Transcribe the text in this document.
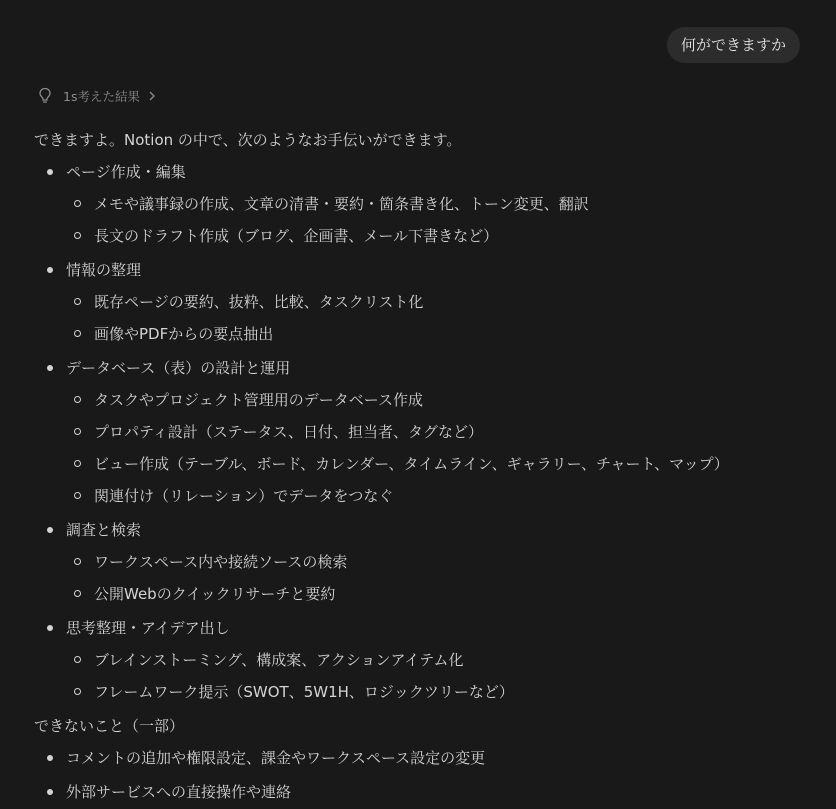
何ができますか
1s考えた結果
できますよ。Notion の中で、次のようなお手伝いができます。
ページ作成・編集
メモや議事録の作成、文章の清書・要約・箇条書き化、トーン変更、翻訳
長文のドラフト作成（ブログ、企画書、メール下書きなど）
情報の整理
既存ページの要約、抜粋、比較、タスクリスト化
画像やPDFからの要点抽出
データベース（表）の設計と運用
タスクやプロジェクト管理用のデータベース作成
プロパティ設計（ステータス、日付、担当者、タグなど）
ビュー作成（テーブル、ボード、カレンダー、タイムライン、ギャラリー、チャート、マップ）
関連付け（リレーション）でデータをつなぐ
調査と検索
ワークスペース内や接続ソースの検索
公開Webのクイックリサーチと要約
思考整理・アイデア出し
ブレインストーミング、構成案、アクションアイテム化
フレームワーク提示（SWOT、5W1H、ロジックツリーなど）
できないこと（一部）
コメントの追加や権限設定、課金やワークスペース設定の変更
外部サービスへの直接操作や連絡
